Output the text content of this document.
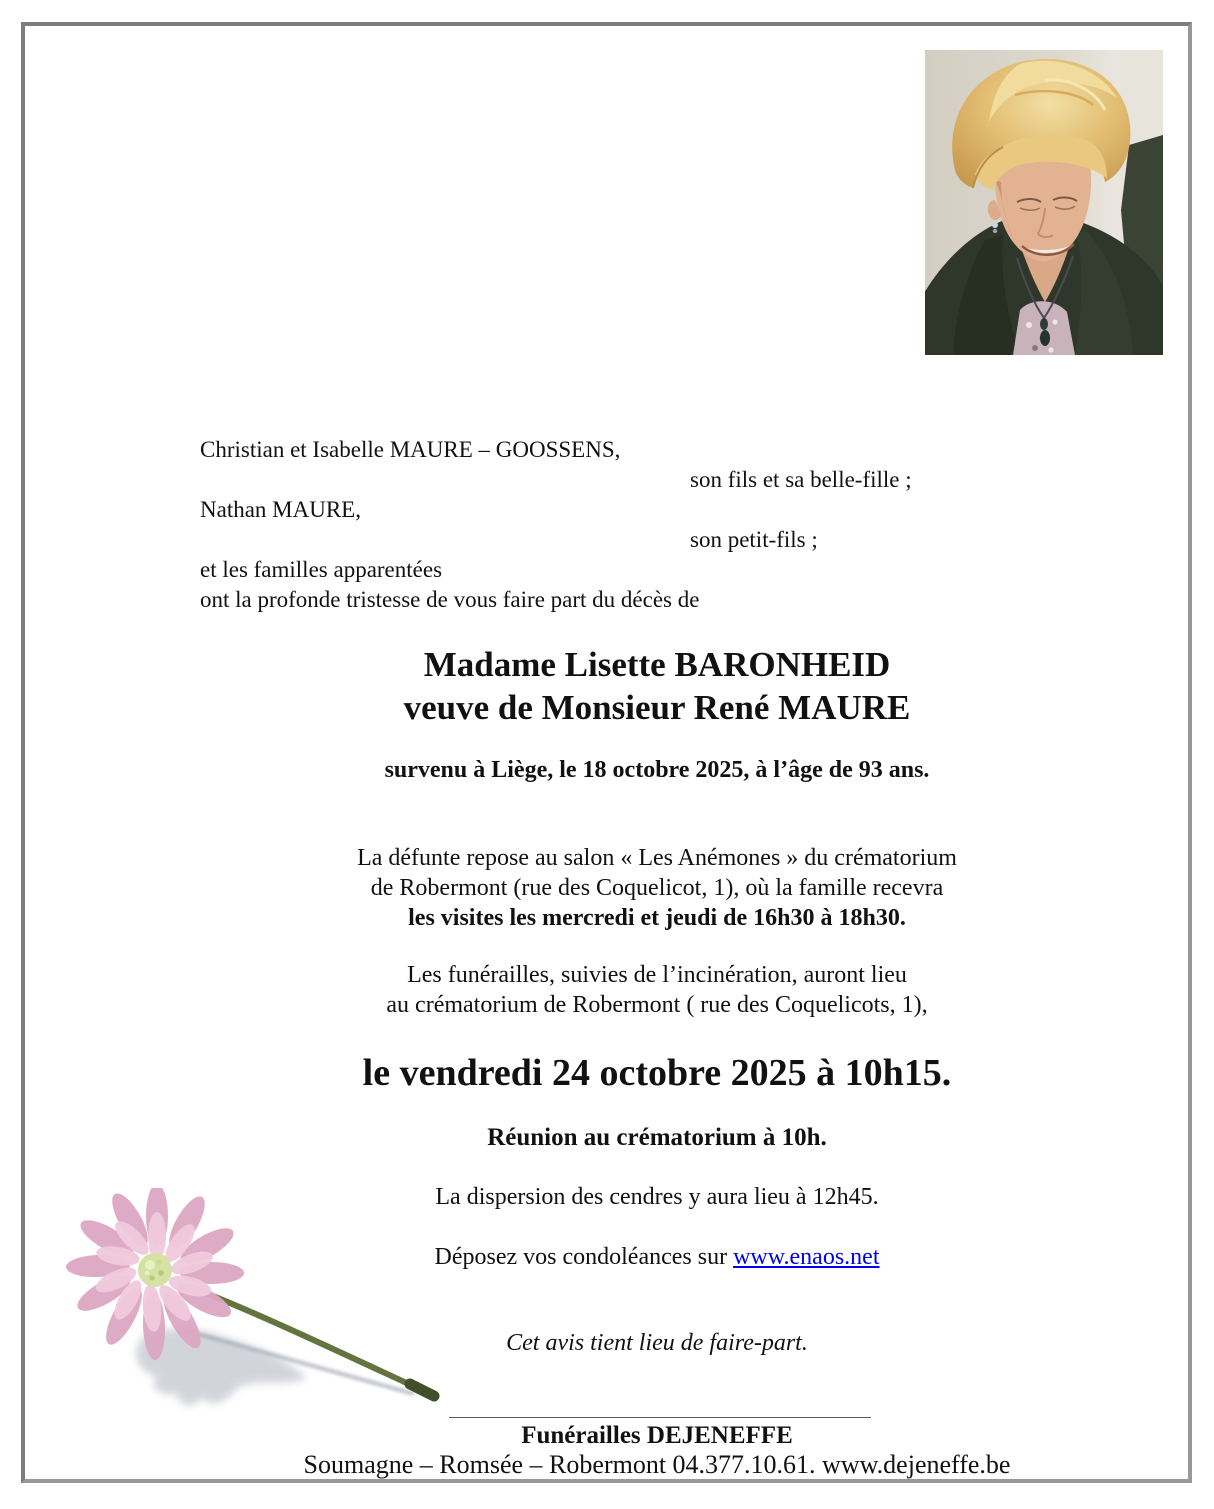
Christian et Isabelle MAURE – GOOSSENS,
son fils et sa belle-fille ;
Nathan MAURE,
son petit-fils ;
et les familles apparentées
ont la profonde tristesse de vous faire part du décès de
Madame Lisette BARONHEID
veuve de Monsieur René MAURE
survenu à Liège, le 18 octobre 2025, à l’âge de 93 ans.
La défunte repose au salon « Les Anémones » du crématorium
de Robermont (rue des Coquelicot, 1), où la famille recevra
les visites les mercredi et jeudi de 16h30 à 18h30.
Les funérailles, suivies de l’incinération, auront lieu
au crématorium de Robermont ( rue des Coquelicots, 1),
le vendredi 24 octobre 2025 à 10h15.
Réunion au crématorium à 10h.
La dispersion des cendres y aura lieu à 12h45.
Déposez vos condoléances sur www.enaos.net
Cet avis tient lieu de faire-part.
Funérailles DEJENEFFE
Soumagne – Romsée – Robermont 04.377.10.61. www.dejeneffe.be
